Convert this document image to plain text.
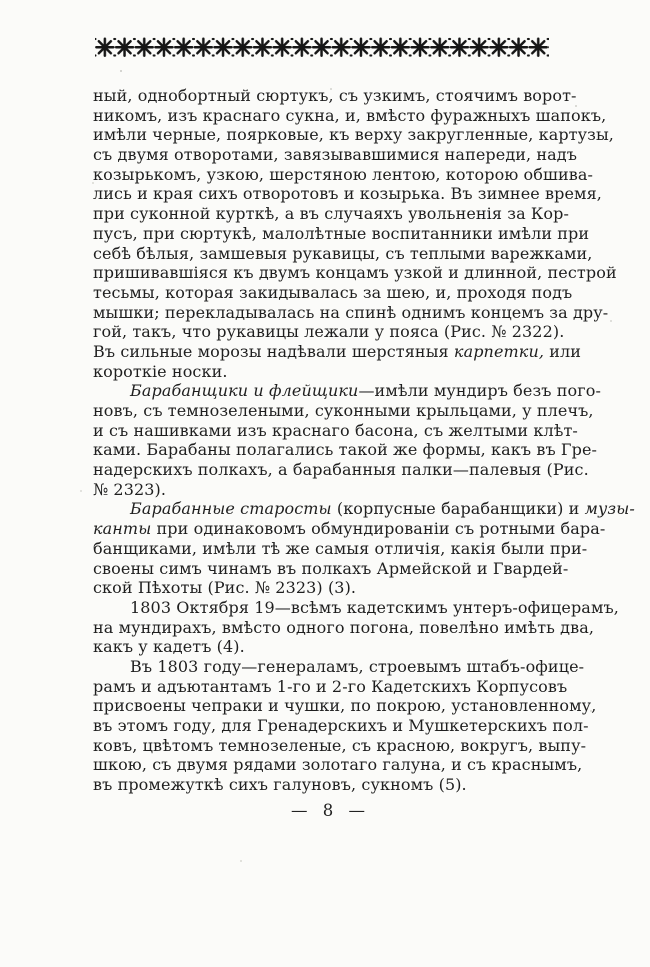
ный, однобортный сюртукъ, съ узкимъ, стоячимъ ворот-
никомъ, изъ краснаго сукна, и, вмѣсто фуражныхъ шапокъ,
имѣли черные, поярковые, къ верху закругленные, картузы,
съ двумя отворотами, завязывавшимися напереди, надъ
козырькомъ, узкою, шерстяною лентою, которою обшива-
лись и края сихъ отворотовъ и козырька. Въ зимнее время,
при суконной курткѣ, а въ случаяхъ увольненія за Кор-
пусъ, при сюртукѣ, малолѣтные воспитанники имѣли при
себѣ бѣлыя, замшевыя рукавицы, съ теплыми варежками,
пришивавшіяся къ двумъ концамъ узкой и длинной, пестрой
тесьмы, которая закидывалась за шею, и, проходя подъ
мышки; перекладывалась на спинѣ однимъ концемъ за дру-
гой, такъ, что рукавицы лежали у пояса (Рис. № 2322).
Въ сильные морозы надѣвали шерстяныя карпетки, или
короткіе носки.
Барабанщики и флейщики—имѣли мундиръ безъ пого-
новъ, съ темнозелеными, суконными крыльцами, у плечъ,
и съ нашивками изъ краснаго басона, съ желтыми клѣт-
ками. Барабаны полагались такой же формы, какъ въ Гре-
надерскихъ полкахъ, а барабанныя палки—палевыя (Рис.
№ 2323).
Барабанные старосты (корпусные барабанщики) и музы-
канты при одинаковомъ обмундированіи съ ротными бара-
банщиками, имѣли тѣ же самыя отличія, какія были при-
своены симъ чинамъ въ полкахъ Армейской и Гвардей-
ской Пѣхоты (Рис. № 2323) (3).
1803 Октября 19—всѣмъ кадетскимъ унтеръ-офицерамъ,
на мундирахъ, вмѣсто одного погона, повелѣно имѣть два,
какъ у кадетъ (4).
Въ 1803 году—генераламъ, строевымъ штабъ-офице-
рамъ и адъютантамъ 1-го и 2-го Кадетскихъ Корпусовъ
присвоены чепраки и чушки, по покрою, установленному,
въ этомъ году, для Гренадерскихъ и Мушкетерскихъ пол-
ковъ, цвѣтомъ темнозеленые, съ красною, вокругъ, выпу-
шкою, съ двумя рядами золотаго галуна, и съ краснымъ,
въ промежуткѣ сихъ галуновъ, сукномъ (5).
— 8 —
